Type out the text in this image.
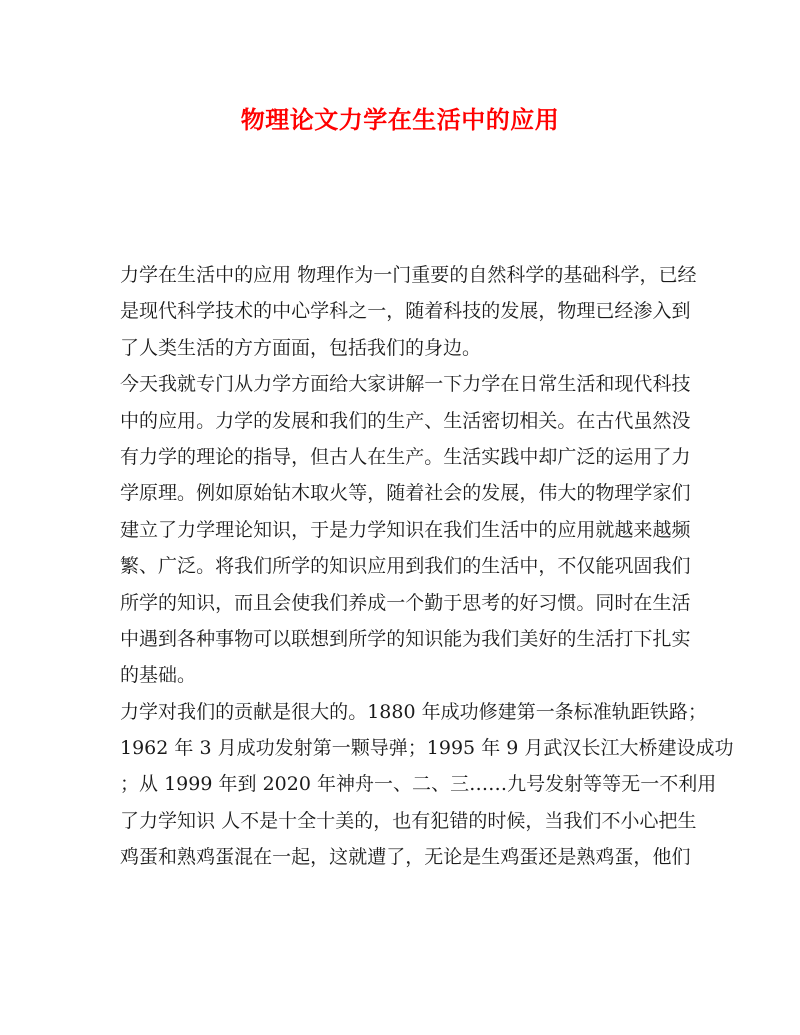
物理论文力学在生活中的应用
力 学 在 生 活 中 的 应 用
物 理 作 为 一 门 重 要 的 自 然 科 学 的 基 础 科 学 ， 已 经
是 现 代 科 学 技 术 的 中 心 学 科 之 一 ， 随 着 科 技 的 发 展 ， 物 理 已 经 渗 入 到
了人类生活的方方面面，包括我们的身边。
今 天 我 就 专 门 从 力 学 方 面 给 大 家 讲 解 一 下 力 学 在 日 常 生 活 和 现 代 科 技
中 的 应 用 。 力 学 的 发 展 和 我 们 的 生 产 、 生 活 密 切 相 关 。 在 古 代 虽 然 没
有 力 学 的 理 论 的 指 导 ， 但 古 人 在 生 产 。 生 活 实 践 中 却 广 泛 的 运 用 了 力
学 原 理 。 例 如 原 始 钻 木 取 火 等 ， 随 着 社 会 的 发 展 ， 伟 大 的 物 理 学 家 们
建 立 了 力 学 理 论 知 识 ， 于 是 力 学 知 识 在 我 们 生 活 中 的 应 用 就 越 来 越 频
繁 、 广 泛 。 将 我 们 所 学 的 知 识 应 用 到 我 们 的 生 活 中 ， 不 仅 能 巩 固 我 们
所 学 的 知 识 ， 而 且 会 使 我 们 养 成 一 个 勤 于 思 考 的 好 习 惯 。 同 时 在 生 活
中 遇 到 各 种 事 物 可 以 联 想 到 所 学 的 知 识 能 为 我 们 美 好 的 生 活 打 下 扎 实
的基础。
力 学 对 我 们 的 贡 献 是 很 大 的 。 1880
年 成 功 修 建 第 一 条 标 准 轨 距 铁 路 ；
1962
年
3
月 成 功 发 射 第 一 颗 导 弹 ； 1995
年
9
月 武 汉 长 江 大 桥 建 设 成 功
； 从
1999
年 到
2020
年 神 舟 一 、 二 、 三 … … 九 号 发 射 等 等 无 一 不 利 用
了 力 学 知 识
人 不 是 十 全 十 美 的 ， 也 有 犯 错 的 时 候 ， 当 我 们 不 小 心 把 生
鸡 蛋 和 熟 鸡 蛋 混 在 一 起 ， 这 就 遭 了 ， 无 论 是 生 鸡 蛋 还 是 熟 鸡 蛋 ， 他 们
